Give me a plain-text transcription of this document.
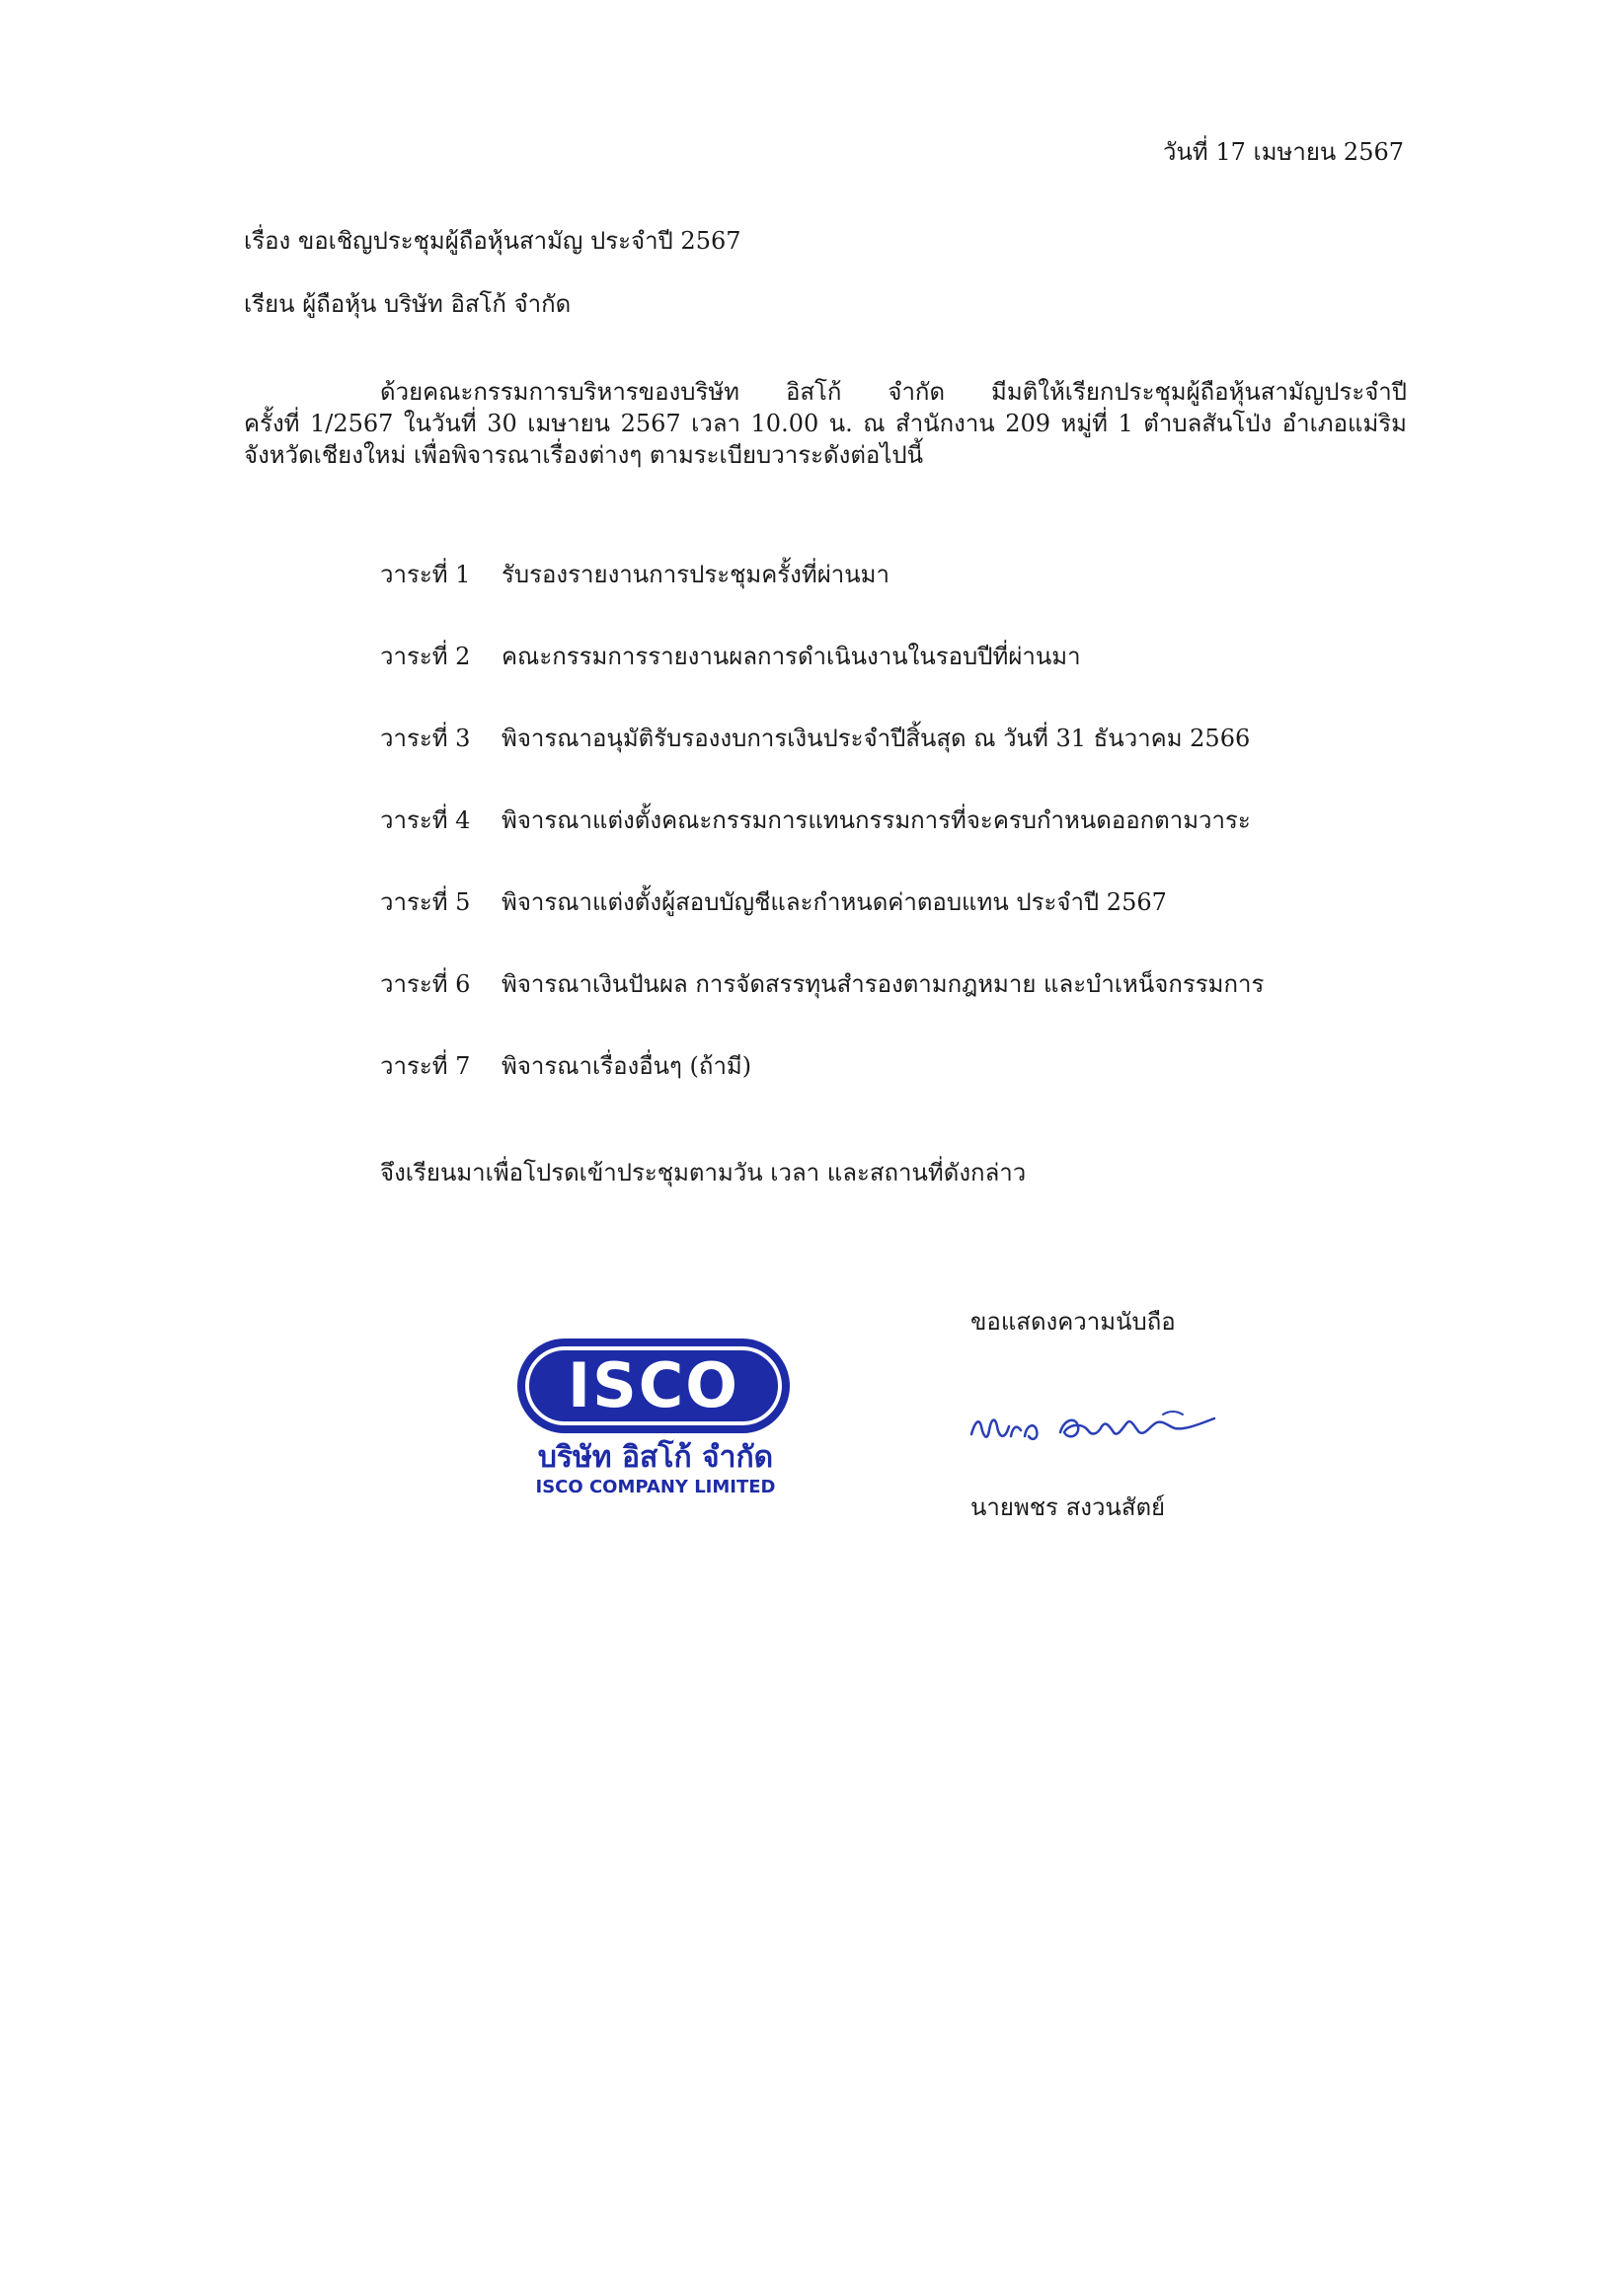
วันที่ 17 เมษายน 2567
เรื่อง ขอเชิญประชุมผู้ถือหุ้นสามัญ ประจำปี 2567
เรียน ผู้ถือหุ้น บริษัท อิสโก้ จำกัด
ด้วยคณะกรรมการบริหารของบริษัท อิสโก้ จำกัด มีมติให้เรียกประชุมผู้ถือหุ้นสามัญประจำปี
ครั้งที่ 1/2567 ในวันที่ 30 เมษายน 2567 เวลา 10.00 น. ณ สำนักงาน 209 หมู่ที่ 1 ตำบลสันโป่ง อำเภอแม่ริม
จังหวัดเชียงใหม่ เพื่อพิจารณาเรื่องต่างๆ ตามระเบียบวาระดังต่อไปนี้
วาระที่ 1 รับรองรายงานการประชุมครั้งที่ผ่านมา
วาระที่ 2 คณะกรรมการรายงานผลการดำเนินงานในรอบปีที่ผ่านมา
วาระที่ 3 พิจารณาอนุมัติรับรองงบการเงินประจำปีสิ้นสุด ณ วันที่ 31 ธันวาคม 2566
วาระที่ 4 พิจารณาแต่งตั้งคณะกรรมการแทนกรรมการที่จะครบกำหนดออกตามวาระ
วาระที่ 5 พิจารณาแต่งตั้งผู้สอบบัญชีและกำหนดค่าตอบแทน ประจำปี 2567
วาระที่ 6 พิจารณาเงินปันผล การจัดสรรทุนสำรองตามกฎหมาย และบำเหน็จกรรมการ
วาระที่ 7 พิจารณาเรื่องอื่นๆ (ถ้ามี)
จึงเรียนมาเพื่อโปรดเข้าประชุมตามวัน เวลา และสถานที่ดังกล่าว
ขอแสดงความนับถือ
ISCO
บริษัท อิสโก้ จำกัด
ISCO COMPANY LIMITED
นายพชร สงวนสัตย์
